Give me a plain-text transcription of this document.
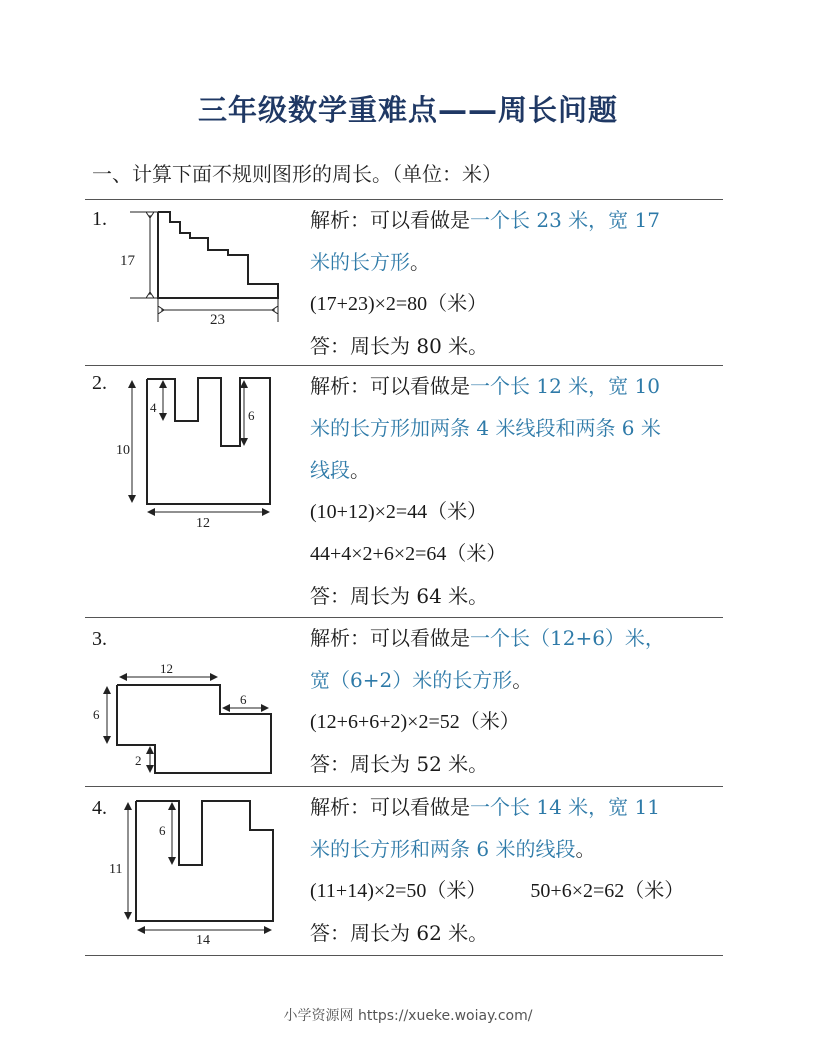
三年级数学重难点——周长问题
一、计算下面不规则图形的周长。（单位：米）
1.
17
23
解析：可以看做是一个长 23 米，宽 17
米的长方形。
(17+23)×2=80（米）
答：周长为 80 米。
2.
10
12
4
6
解析：可以看做是一个长 12 米，宽 10
米的长方形加两条 4 米线段和两条 6 米
线段。
(10+12)×2=44（米）
44+4×2+6×2=64（米）
答：周长为 64 米。
3.
12
6
6
2
解析：可以看做是一个长（12+6）米，
宽（6+2）米的长方形。
(12+6+6+2)×2=52（米）
答：周长为 52 米。
4.
11
14
6
解析：可以看做是一个长 14 米，宽 11
米的长方形和两条 6 米的线段。
(11+14)×2=50（米） 50+6×2=62（米）
答：周长为 62 米。
小学资源网 https://xueke.woiay.com/
